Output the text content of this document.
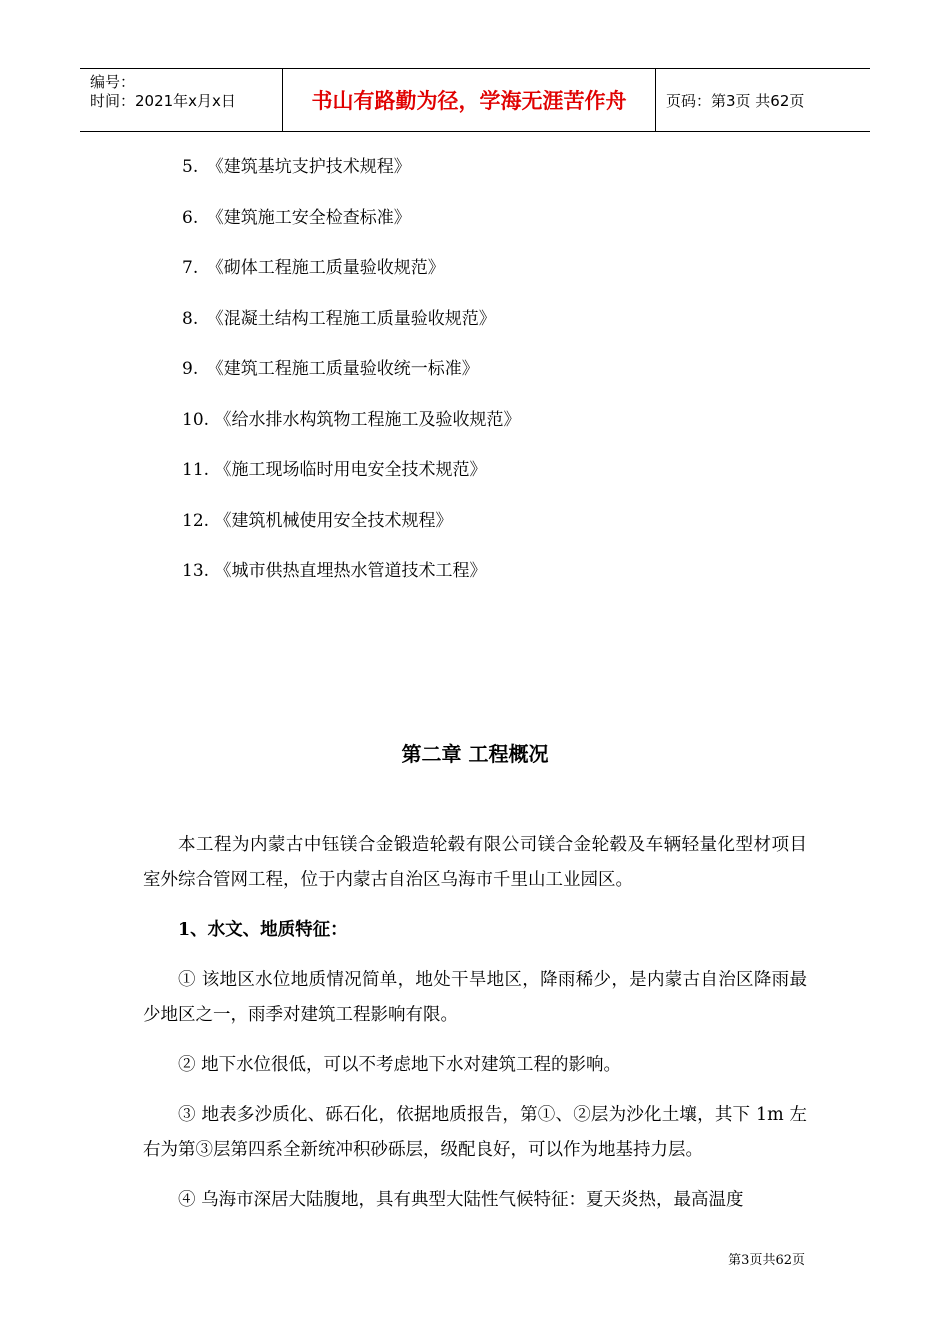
编号：
时间：2021年x月x日	书山有路勤为径，学海无涯苦作舟	页码：第3页 共62页
5.　《建筑基坑支护技术规程》
6.　《建筑施工安全检查标准》
7.　《砌体工程施工质量验收规范》
8.　《混凝土结构工程施工质量验收规范》
9.　《建筑工程施工质量验收统一标准》
10. 《给水排水构筑物工程施工及验收规范》
11. 《施工现场临时用电安全技术规范》
12. 《建筑机械使用安全技术规程》
13. 《城市供热直埋热水管道技术工程》
第二章 工程概况

本工程为内蒙古中钰镁合金锻造轮毂有限公司镁合金轮毂及车辆轻量化型材项目室外综合管网工程，位于内蒙古自治区乌海市千里山工业园区。

1、水文、地质特征：

① 该地区水位地质情况简单，地处干旱地区，降雨稀少，是内蒙古自治区降雨最少地区之一，雨季对建筑工程影响有限。

② 地下水位很低，可以不考虑地下水对建筑工程的影响。

③ 地表多沙质化、砾石化，依据地质报告，第①、②层为沙化土壤，其下 1m 左右为第③层第四系全新统冲积砂砾层，级配良好，可以作为地基持力层。

④ 乌海市深居大陆腹地，具有典型大陆性气候特征：夏天炎热，最高温度

第3页共62页
